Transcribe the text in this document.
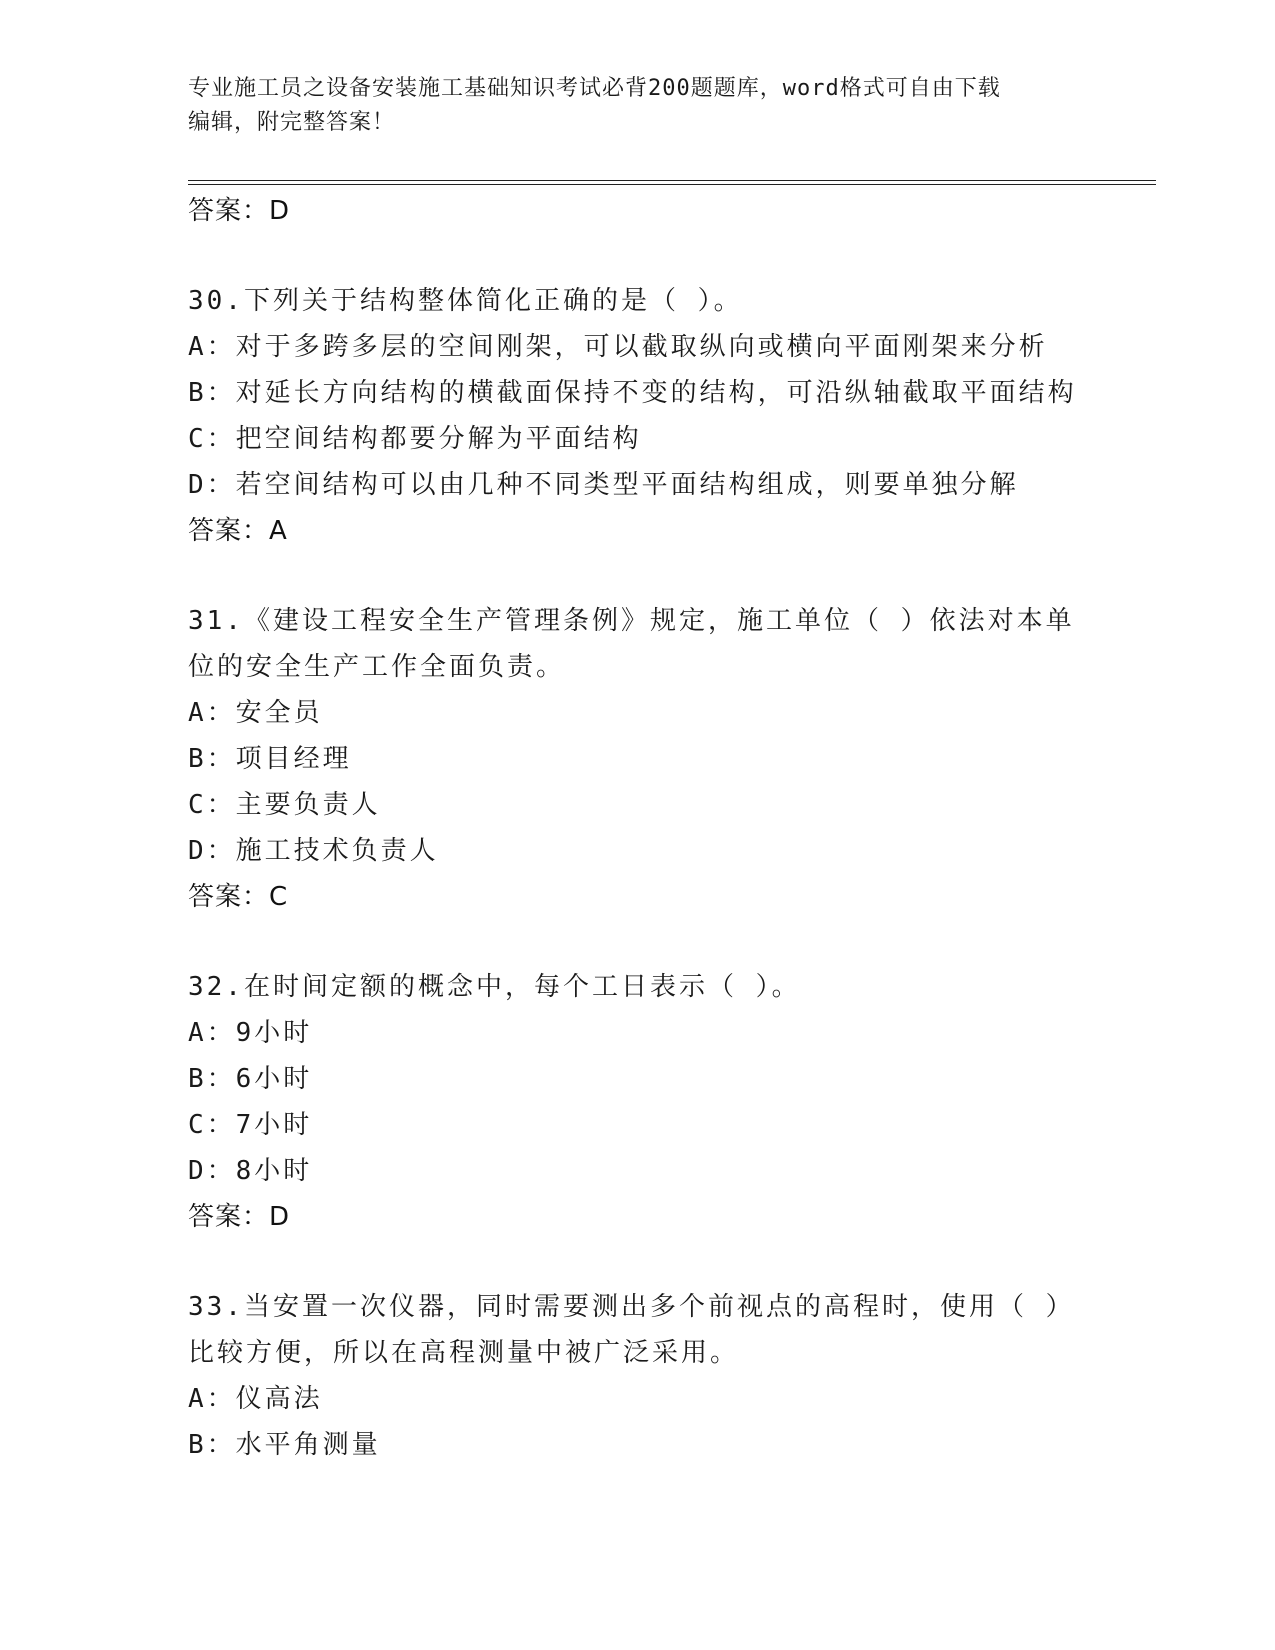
专业施工员之设备安装施工基础知识考试必背200题题库，word格式可自由下载
编辑，附完整答案！
答案：D
30.下列关于结构整体简化正确的是（ ）。
A：对于多跨多层的空间刚架，可以截取纵向或横向平面刚架来分析
B：对延长方向结构的横截面保持不变的结构，可沿纵轴截取平面结构
C：把空间结构都要分解为平面结构
D：若空间结构可以由几种不同类型平面结构组成，则要单独分解
答案：A
31.《建设工程安全生产管理条例》规定，施工单位（ ）依法对本单
位的安全生产工作全面负责。
A：安全员
B：项目经理
C：主要负责人
D：施工技术负责人
答案：C
32.在时间定额的概念中，每个工日表示（ ）。
A：9小时
B：6小时
C：7小时
D：8小时
答案：D
33.当安置一次仪器，同时需要测出多个前视点的高程时，使用（ ）
比较方便，所以在高程测量中被广泛采用。
A：仪高法
B：水平角测量
